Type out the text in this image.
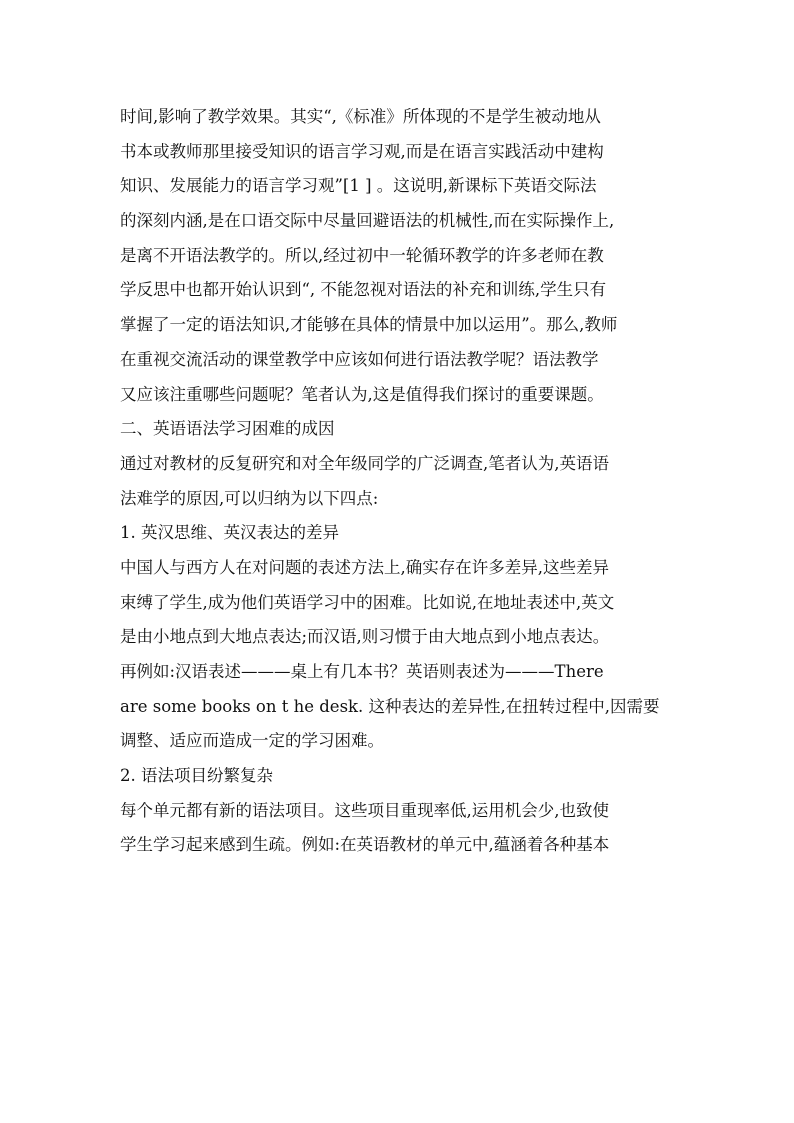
时间,影响了教学效果。其实“,《标准》所体现的不是学生被动地从
书本或教师那里接受知识的语言学习观,而是在语言实践活动中建构
知识、发展能力的语言学习观”[1 ] 。这说明,新课标下英语交际法
的深刻内涵,是在口语交际中尽量回避语法的机械性,而在实际操作上,
是离不开语法教学的。所以,经过初中一轮循环教学的许多老师在教
学反思中也都开始认识到“, 不能忽视对语法的补充和训练,学生只有
掌握了一定的语法知识,才能够在具体的情景中加以运用”。那么,教师
在重视交流活动的课堂教学中应该如何进行语法教学呢？语法教学
又应该注重哪些问题呢？笔者认为,这是值得我们探讨的重要课题。
二、英语语法学习困难的成因
通过对教材的反复研究和对全年级同学的广泛调查,笔者认为,英语语
法难学的原因,可以归纳为以下四点:
1. 英汉思维、英汉表达的差异
中国人与西方人在对问题的表述方法上,确实存在许多差异,这些差异
束缚了学生,成为他们英语学习中的困难。比如说,在地址表述中,英文
是由小地点到大地点表达;而汉语,则习惯于由大地点到小地点表达。
再例如:汉语表述———桌上有几本书？英语则表述为———There
are some books on t he desk. 这种表达的差异性,在扭转过程中,因需要
调整、适应而造成一定的学习困难。
2. 语法项目纷繁复杂
每个单元都有新的语法项目。这些项目重现率低,运用机会少,也致使
学生学习起来感到生疏。例如:在英语教材的单元中,蕴涵着各种基本
